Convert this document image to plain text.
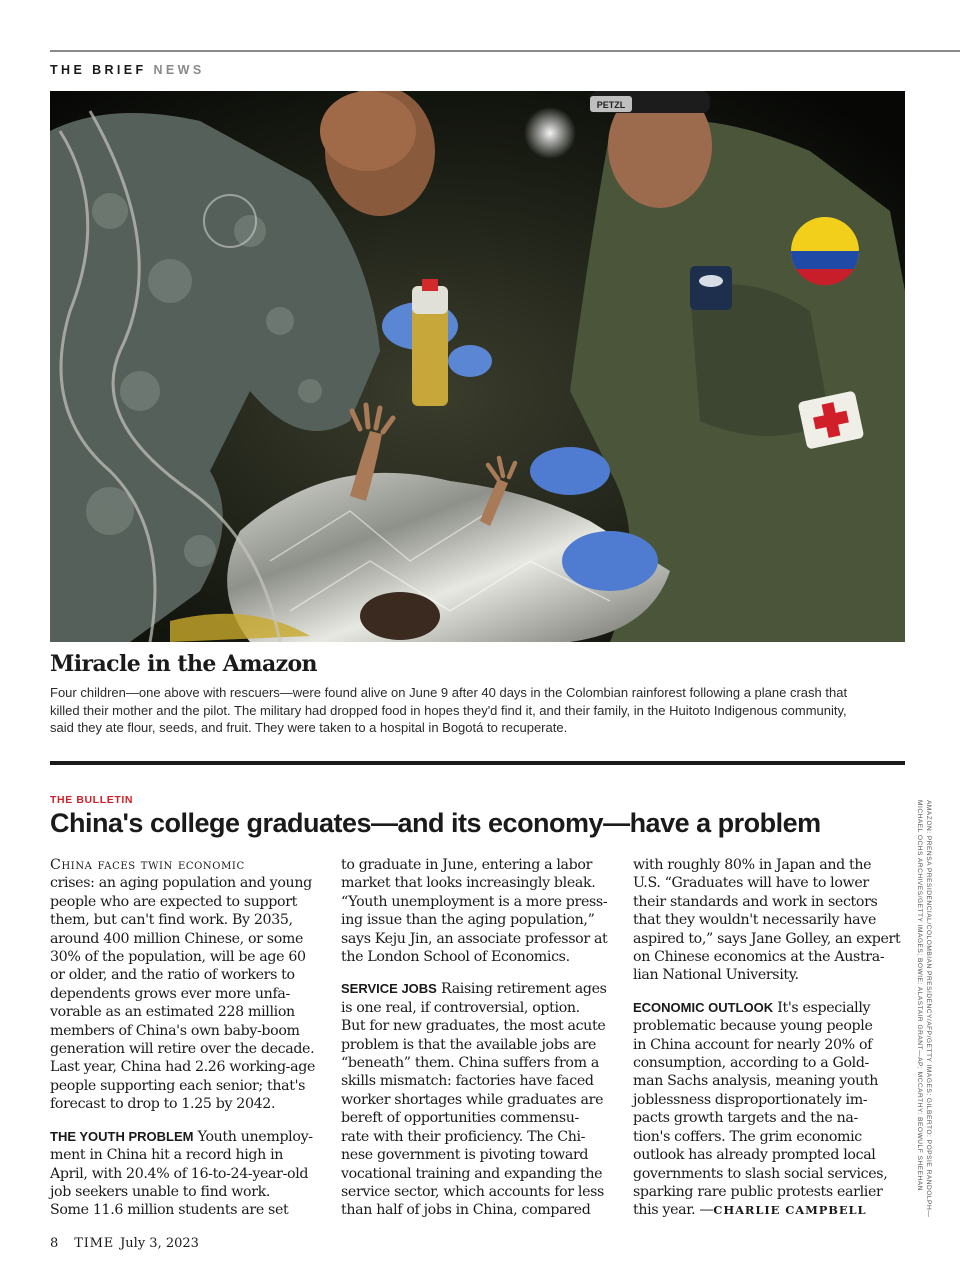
THE BRIEF NEWS
PETZL
Miracle in the Amazon

Four children—one above with rescuers—were found alive on June 9 after 40 days in the Colombian rainforest following a plane crash that killed their mother and the pilot. The military had dropped food in hopes they'd find it, and their family, in the Huitoto Indigenous community, said they ate flour, seeds, and fruit. They were taken to a hospital in Bogotá to recuperate.

THE BULLETIN
China's college graduates—and its economy—have a problem
China faces twin economic
crises: an aging population and young
people who are expected to support
them, but can't find work. By 2035,
around 400 million Chinese, or some
30% of the population, will be age 60
or older, and the ratio of workers to
dependents grows ever more unfa-
vorable as an estimated 228 million
members of China's own baby-boom
generation will retire over the decade.
Last year, China had 2.26 working-age
people supporting each senior; that's
forecast to drop to 1.25 by 2042.
THE YOUTH PROBLEM Youth unemploy-
ment in China hit a record high in
April, with 20.4% of 16-to-24-year-old
job seekers unable to find work.
Some 11.6 million students are set
to graduate in June, entering a labor
market that looks increasingly bleak.
“Youth unemployment is a more press-
ing issue than the aging population,”
says Keju Jin, an associate professor at
the London School of Economics.
SERVICE JOBS Raising retirement ages
is one real, if controversial, option.
But for new graduates, the most acute
problem is that the available jobs are
“beneath” them. China suffers from a
skills mismatch: factories have faced
worker shortages while graduates are
bereft of opportunities commensu-
rate with their proficiency. The Chi-
nese government is pivoting toward
vocational training and expanding the
service sector, which accounts for less
than half of jobs in China, compared
with roughly 80% in Japan and the
U.S. “Graduates will have to lower
their standards and work in sectors
that they wouldn't necessarily have
aspired to,” says Jane Golley, an expert
on Chinese economics at the Austra-
lian National University.
ECONOMIC OUTLOOK It's especially
problematic because young people
in China account for nearly 20% of
consumption, according to a Gold-
man Sachs analysis, meaning youth
joblessness disproportionately im-
pacts growth targets and the na-
tion's coffers. The grim economic
outlook has already prompted local
governments to slash social services,
sparking rare public protests earlier
this year. —CHARLIE CAMPBELL	AMAZON: PRENSA PRESIDENCIAL/COLOMBIAN PRESIDENCY/AFP/GETTY IMAGES; GILBERTO: POPSIE RANDOLPH—
MICHAEL OCHS ARCHIVES/GETTY IMAGES; BOWIE: ALASTAIR GRANT—AP; MCCARTHY: BEOWULF SHEEHAN
8 TIME July 3, 2023
